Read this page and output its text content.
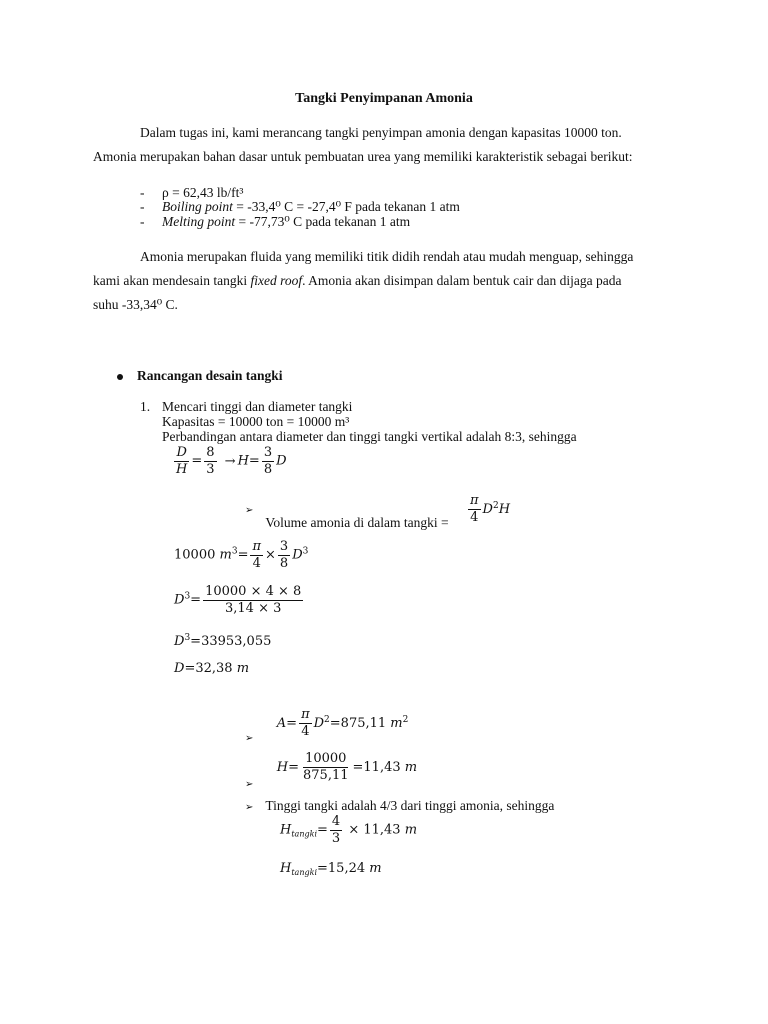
Tangki Penyimpanan Amonia
Dalam tugas ini, kami merancang tangki penyimpan amonia dengan kapasitas 10000 ton.
Amonia merupakan bahan dasar untuk pembuatan urea yang memiliki karakteristik sebagai berikut:
- ρ = 62,43 lb/ft³
- Boiling point = -33,4⁰ C = -27,4⁰ F pada tekanan 1 atm
- Melting point = -77,73⁰ C pada tekanan 1 atm
Amonia merupakan fluida yang memiliki titik didih rendah atau mudah menguap, sehingga
kami akan mendesain tangki fixed roof. Amonia akan disimpan dalam bentuk cair dan dijaga pada
suhu -33,34⁰ C.
Rancangan desain tangki
1. Mencari tinggi dan diameter tangki
Kapasitas = 10000 ton = 10000 m³
Perbandingan antara diameter dan tinggi tangki vertikal adalah 8:3, sehingga
$\frac{D}{H} = \frac{8}{3} \to H= \frac{3}{8}$ D
➢Volume amonia di dalam tangki = $\frac{\pi}{4} D^2H$
10000 $m^3= \frac{\pi}{4} \times \frac{3}{8} D^3$
$D^3= \frac{10000 \times 4 \times 8}{3,14 \times 3}$
$D^3=33953,055$
D=32,38 m
$_➢$ $A= \frac{\pi}{4} D^2=875,11$ $m^2$
$_➢$ $H= \frac{10000}{875,11} =11,43$ m
➢ Tinggi tangki adalah 4/3 dari tinggi amonia, sehingga
$H_{tangki}= \frac{4}{3} \times 11,43$ m
$H_{tangki}=15,24$ m
